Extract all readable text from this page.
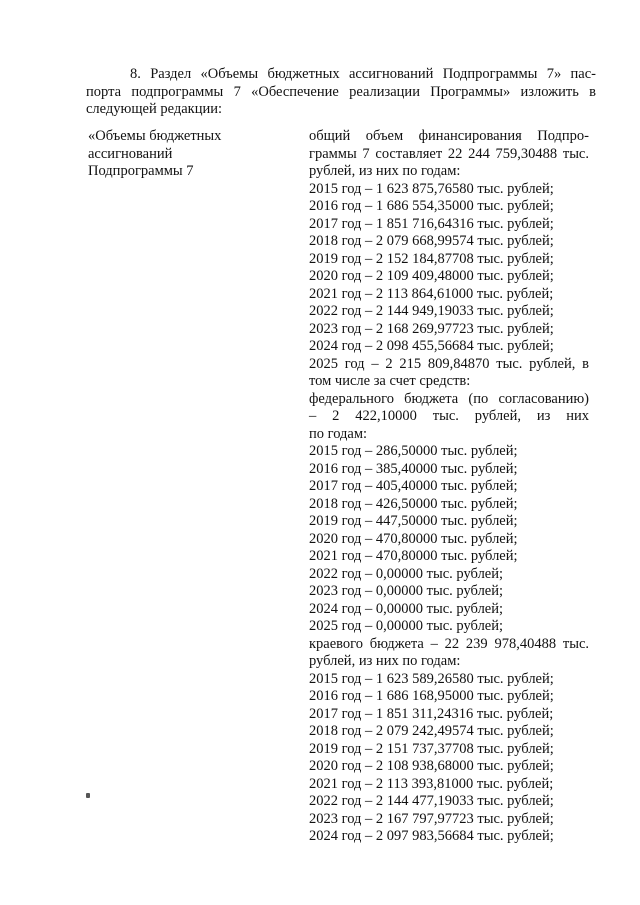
8. Раздел «Объемы бюджетных ассигнований Подпрограммы 7» пас-
порта подпрограммы 7 «Обеспечение реализации Программы» изложить в
следующей редакции:
«Объемы бюджетных
ассигнований
Подпрограммы 7
общий объем финансирования Подпро-
граммы 7 составляет 22 244 759,30488 тыс.
рублей, из них по годам:
2015 год – 1 623 875,76580 тыс. рублей;
2016 год – 1 686 554,35000 тыс. рублей;
2017 год – 1 851 716,64316 тыс. рублей;
2018 год – 2 079 668,99574 тыс. рублей;
2019 год – 2 152 184,87708 тыс. рублей;
2020 год – 2 109 409,48000 тыс. рублей;
2021 год – 2 113 864,61000 тыс. рублей;
2022 год – 2 144 949,19033 тыс. рублей;
2023 год – 2 168 269,97723 тыс. рублей;
2024 год – 2 098 455,56684 тыс. рублей;
2025 год – 2 215 809,84870 тыс. рублей, в
том числе за счет средств:
федерального бюджета (по согласованию)
– 2 422,10000 тыс. рублей, из них
по годам:
2015 год – 286,50000 тыс. рублей;
2016 год – 385,40000 тыс. рублей;
2017 год – 405,40000 тыс. рублей;
2018 год – 426,50000 тыс. рублей;
2019 год – 447,50000 тыс. рублей;
2020 год – 470,80000 тыс. рублей;
2021 год – 470,80000 тыс. рублей;
2022 год – 0,00000 тыс. рублей;
2023 год – 0,00000 тыс. рублей;
2024 год – 0,00000 тыс. рублей;
2025 год – 0,00000 тыс. рублей;
краевого бюджета – 22 239 978,40488 тыс.
рублей, из них по годам:
2015 год – 1 623 589,26580 тыс. рублей;
2016 год – 1 686 168,95000 тыс. рублей;
2017 год – 1 851 311,24316 тыс. рублей;
2018 год – 2 079 242,49574 тыс. рублей;
2019 год – 2 151 737,37708 тыс. рублей;
2020 год – 2 108 938,68000 тыс. рублей;
2021 год – 2 113 393,81000 тыс. рублей;
2022 год – 2 144 477,19033 тыс. рублей;
2023 год – 2 167 797,97723 тыс. рублей;
2024 год – 2 097 983,56684 тыс. рублей;
